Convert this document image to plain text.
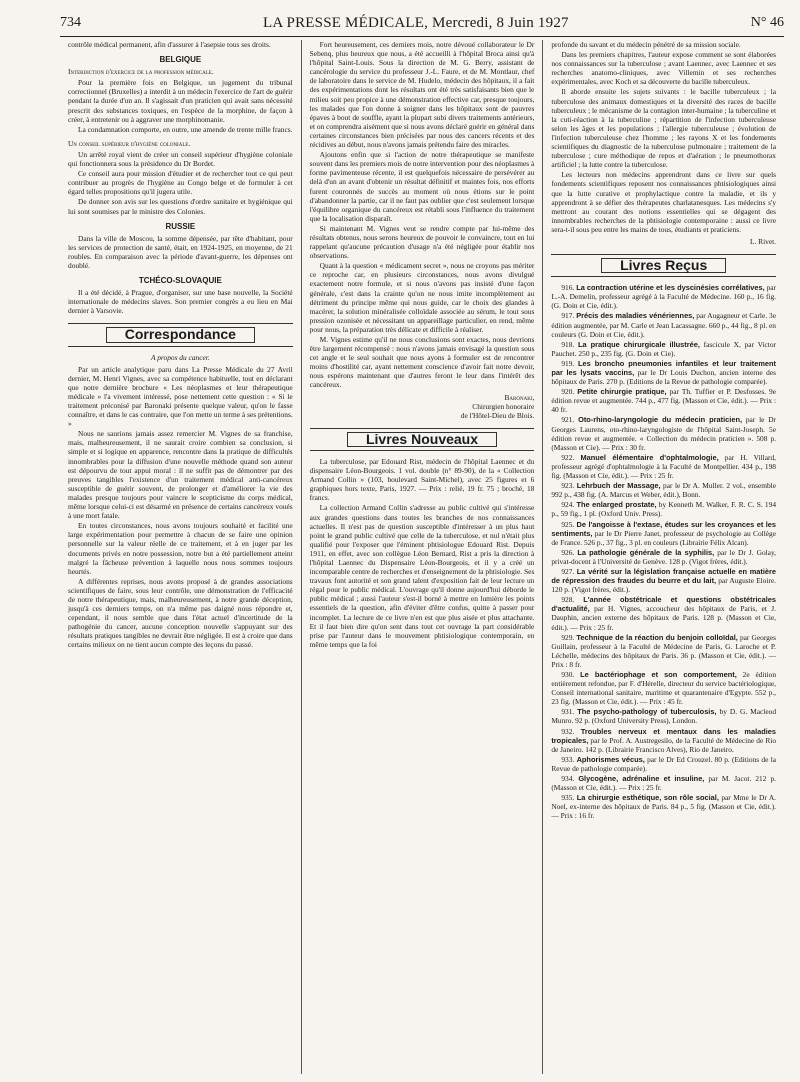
734	LA PRESSE MÉDICALE, Mercredi, 8 Juin 1927	N° 46

contrôle médical permanent, afin d'assurer à l'asepsie tous ses droits.

BELGIQUE
Interdiction d'exercice de la profession médicale.

Pour la première fois en Belgique, un jugement du tribunal correctionnel (Bruxelles) a interdit à un médecin l'exercice de l'art de guérir pendant la durée d'un an. Il s'agissait d'un praticien qui avait sans nécessité prescrit des substances toxiques, en l'espèce de la morphine, de façon à créer, à entretenir ou à aggraver une morphinomanie.

La condamnation comporte, en outre, une amende de trente mille francs.

Un conseil supérieur d'hygiène coloniale.

Un arrêté royal vient de créer un conseil supérieur d'hygiène coloniale qui fonctionnera sous la présidence du Dr Bordet.

Ce conseil aura pour mission d'étudier et de rechercher tout ce qui peut contribuer au progrès de l'hygiène au Congo belge et de formuler à cet égard telles propositions qu'il jugera utile.

De donner son avis sur les questions d'ordre sanitaire et hygiénique qui lui sont soumises par le ministre des Colonies.

RUSSIE

Dans la ville de Moscou, la somme dépensée, par tête d'habitant, pour les services de protection de santé, était, en 1924-1925, en moyenne, de 21 roubles. En comparaison avec la période d'avant-guerre, les dépenses ont doublé.

TCHÉCO-SLOVAQUIE

Il a été décidé, à Prague, d'organiser, sur une base nouvelle, la Société internationale de médecins slaves. Son premier congrès a eu lieu en Mai dernier à Varsovie.

Correspondance
A propos du cancer.

Par un article analytique paru dans La Presse Médicale du 27 Avril dernier, M. Henri Vignes, avec sa compétence habituelle, tout en déclarant que notre dernière brochure « Les néoplasmes et leur thérapeutique médicale » l'a vivement intéressé, pose nettement cette question : « Si le traitement préconisé par Baronaki présente quelque valeur, qu'on le fasse connaître, et dans le cas contraire, que l'on mette un terme à ses prétentions. »

Nous ne saurions jamais assez remercier M. Vignes de sa franchise, mais, malheureusement, il ne saurait croire combien sa conclusion, si simple et si logique en apparence, rencontre dans la pratique de difficultés innombrables pour la diffusion d'une nouvelle méthode quand son auteur est dépourvu de tout appui moral : il ne suffit pas de démontrer par des preuves tangibles l'existence d'un traitement médical anti-cancéreux susceptible de guérir souvent, de prolonger et d'améliorer la vie des malades presque toujours pour vaincre le scepticisme du corps médical, même lorsque celui-ci est désarmé en présence de certains cancéreux voués à une mort fatale.

En toutes circonstances, nous avons toujours souhaité et facilité une large expérimentation pour permettre à chacun de se faire une opinion personnelle sur la valeur réelle de ce traitement, et à en juger par les documents privés en notre possession, notre but a été partiellement atteint malgré la fâcheuse prévention à laquelle nous nous sommes toujours heurtés.

A différentes reprises, nous avons proposé à de grandes associations scientifiques de faire, sous leur contrôle, une démonstration de l'efficacité de notre thérapeutique, mais, malheureusement, à notre grande déception, jusqu'à ces derniers temps, on n'a même pas daigné nous répondre et, cependant, il nous semble que dans l'état actuel d'incertitude de la pathogénie du cancer, aucune conception nouvelle s'appuyant sur des résultats pratiques tangibles ne devrait être négligée. Il est à croire que dans certains milieux on ne tient aucun compte des leçons du passé.

Fort heureusement, ces derniers mois, notre dévoué collaborateur le Dr Sebenq, plus heureux que nous, a été accueilli à l'hôpital Broca ainsi qu'à l'hôpital Saint-Louis. Sous la direction de M. G. Berry, assistant de cancérologie du service du professeur J.-L. Faure, et de M. Montlaur, chef de laboratoire dans le service de M. Hudelo, médecin des hôpitaux, il a fait des expérimentations dont les résultats ont été très satisfaisants bien que le milieu soit peu propice à une démonstration effective car, presque toujours, les malades que l'on donne à soigner dans les hôpitaux sont de pauvres épaves à bout de souffle, ayant la plupart subi divers traitements antérieurs, et on comprendra aisément que si nous avons déclaré guérir en général dans certaines circonstances bien précisées par nous des cancers récents et des récidives au début, nous n'avons jamais prétendu faire des miracles.

Ajoutons enfin que si l'action de notre thérapeutique se manifeste souvent dans les premiers mois de notre intervention pour des néoplasmes à forme pavimenteuse récente, il est quelquefois nécessaire de persévérer au delà d'un an avant d'obtenir un résultat définitif et maintes fois, nos efforts furent couronnés de succès au moment où nous étions sur le point d'abandonner la partie, car il ne faut pas oublier que c'est seulement lorsque l'équilibre organique du cancéreux est rétabli sous l'influence du traitement que la localisation disparaît.

Si maintenant M. Vignes veut se rendre compte par lui-même des résultats obtenus, nous serons heureux de pouvoir le convaincre, tout en lui rappelant qu'aucune précaution d'usage n'a été négligée pour établir nos observations.

Quant à la question « médicament secret », nous ne croyons pas mériter ce reproche car, en plusieurs circonstances, nous avons divulgué exactement notre formule, et si nous n'avons pas insisté d'une façon générale, c'est dans la crainte qu'on ne nous imite incomplètement au détriment du principe même qui nous guide, car le choix des glandes à macérer, la solution minéralisée colloïdale associée au sérum, le tout sous pression ozonisée et nécessitant un appareillage particulier, en rend, même pour nous, la préparation très délicate et difficile à réaliser.

M. Vignes estime qu'il ne nous conclusions sont exactes, nous devrions être largement récompensé : nous n'avons jamais envisagé la question sous cet angle et le seul souhait que nous ayons à formuler est de rencontrer moins d'hostilité car, ayant nettement conscience d'avoir fait notre devoir, nous espérons maintenant que d'autres feront le leur dans l'intérêt des cancéreux.

Baronaki,
Chirurgien honoraire
de l'Hôtel-Dieu de Blois.
Livres Nouveaux

La tuberculose, par Edouard Rist, médecin de l'hôpital Laennec et du dispensaire Léon-Bourgeois. 1 vol. double (n° 89-90), de la « Collection Armand Collin » (103, boulevard Saint-Michel), avec 25 figures et 6 graphiques hors texte, Paris, 1927. — Prix : relié, 19 fr. 75 ; broché, 18 francs.

La collection Armand Collin s'adresse au public cultivé qui s'intéresse aux grandes questions dans toutes les branches de nos connaissances actuelles. Il n'est pas de question susceptible d'intéresser à un plus haut point le grand public cultivé que celle de la tuberculose, et nul n'était plus qualifié pour l'exposer que l'éminent phtisiologue Edouard Rist. Depuis 1911, en effet, avec son collègue Léon Bernard, Rist a pris la direction à l'hôpital Laennec du Dispensaire Léon-Bourgeois, et il y a créé un incomparable centre de recherches et d'enseignement de la phtisiologie. Ses travaux font autorité et son grand talent d'exposition fait de leur lecture un régal pour le public médical. L'ouvrage qu'il donne aujourd'hui déborde le public médical ; aussi l'auteur s'est-il borné à mettre en lumière les points essentiels de la question, afin d'éviter d'être confus, quitte à passer pour incomplet. La lecture de ce livre n'en est que plus aisée et plus attachante. Et il faut bien dire qu'on sent dans tout cet ouvrage la part considérable prise par l'auteur dans le mouvement phtisiologique contemporain, en même temps que la foi

profonde du savant et du médecin pénétré de sa mission sociale.

Dans les premiers chapitres, l'auteur expose comment se sont élaborées nos connaissances sur la tuberculose ; avant Laennec, avec Laennec et ses recherches anatomo-cliniques, avec Villemin et ses recherches expérimentales, avec Koch et sa découverte du bacille tuberculeux.

Il aborde ensuite les sujets suivants : le bacille tuberculeux ; la tuberculose des animaux domestiques et la diversité des races de bacille tuberculeux ; le mécanisme de la contagion inter-humaine ; la tuberculine et la cuti-réaction à la tuberculine ; répartition de l'infection tuberculeuse selon les âges et les populations ; l'allergie tuberculeuse ; évolution de l'infection tuberculeuse chez l'homme ; les rayons X et les fondements scientifiques du diagnostic de la tuberculose pulmonaire ; traitement de la tuberculose ; cure méthodique de repos et d'aération ; le pneumothorax artificiel ; la lutte contre la tuberculose.

Les lecteurs non médecins apprendront dans ce livre sur quels fondements scientifiques reposent nos connaissances phtisiologiques ainsi que la lutte curative et prophylactique contre la maladie, et ils y apprendront à se défier des thérapeutes charlatanesques. Les médecins s'y mettront au courant des notions essentielles qui se dégagent des innombrables recherches de la phtisiologie contemporaine : aussi ce livre sera-t-il sous peu entre les mains de tous, étudiants et praticiens.

L. Rivet.
Livres Reçus

916. La contraction utérine et les dyscinésies corrélatives, par L.-A. Demelin, professeur agrégé à la Faculté de Médecine. 160 p., 16 fig. (G. Doin et Cie, édit.).

917. Précis des maladies vénériennes, par Augagneur et Carle. 3e édition augmentée, par M. Carle et Jean Lacassagne. 660 p., 44 fig., 8 pl. en couleurs (G. Doin et Cie, édit.).

918. La pratique chirurgicale illustrée, fascicule X, par Victor Pauchet. 250 p., 235 fig. (G. Doin et Cie).

919. Les broncho pneumonies infantiles et leur traitement par les lysats vaccins, par le Dr Louis Duchon, ancien interne des hôpitaux de Paris. 270 p. (Editions de la Revue de pathologie comparée).

920. Petite chirurgie pratique, par Th. Tuffier et P. Desfosses. 9e édition revue et augmentée. 744 p., 477 fig. (Masson et Cie, édit.). — Prix : 40 fr.

921. Oto-rhino-laryngologie du médecin praticien, par le Dr Georges Laurens, oto-rhino-laryngologiste de l'hôpital Saint-Joseph. 5e édition revue et augmentée. « Collection du médecin praticien ». 508 p. (Masson et Cie). — Prix : 30 fr.

922. Manuel élémentaire d'ophtalmologie, par H. Villard, professeur agrégé d'ophtalmologie à la Faculté de Montpellier. 434 p., 198 fig. (Masson et Cie, édit.). — Prix : 25 fr.

923. Lehrbuch der Massage, par le Dr A. Muller. 2 vol., ensemble 992 p., 438 fig. (A. Marcus et Weber, édit.), Bonn.

924. The enlarged prostate, by Kenneth M. Walker, F. R. C. S. 194 p., 59 fig., 1 pl. (Oxford Univ. Press).

925. De l'angoisse à l'extase, études sur les croyances et les sentiments, par le Dr Pierre Janet, professeur de psychologie au Collège de France. 526 p., 37 fig., 3 pl. en couleurs (Librairie Félix Alcan).

926. La pathologie générale de la syphilis, par le Dr J. Golay, privat-docent à l'Université de Genève. 128 p. (Vigot frères, édit.).

927. La vérité sur la législation française actuelle en matière de répression des fraudes du beurre et du lait, par Auguste Eloire. 120 p. (Vigot frères, édit.).

928. L'année obstétricale et questions obstétricales d'actualité, par H. Vignes, accoucheur des hôpitaux de Paris, et J. Dauphin, ancien externe des hôpitaux de Paris. 128 p. (Masson et Cie, édit.). — Prix : 25 fr.

929. Technique de la réaction du benjoin colloïdal, par Georges Guillain, professeur à la Faculté de Médecine de Paris, G. Laroche et P. Léchelle, médecins des hôpitaux de Paris. 36 p. (Masson et Cie, édit.). — Prix : 8 fr.

930. Le bactériophage et son comportement, 2e édition entièrement refondue, par F. d'Hérelle, directeur du service bactériologique, Conseil international sanitaire, maritime et quarantenaire d'Egypte. 552 p., 23 fig. (Masson et Cie, édit.). — Prix : 45 fr.

931. The psycho-pathology of tuberculosis, by D. G. Macleod Munro. 92 p. (Oxford University Press), London.

932. Troubles nerveux et mentaux dans les maladies tropicales, par le Prof. A. Austregesilo, de la Faculté de Médecine de Rio de Janeiro. 142 p. (Librairie Francisco Alves), Rio de Janeiro.

933. Aphorismes vécus, par le Dr Ed Crouzel. 80 p. (Editions de la Revue de pathologie comparée).

934. Glycogène, adrénaline et insuline, par M. Jacot. 212 p. (Masson et Cie, édit.). — Prix : 25 fr.

935. La chirurgie esthétique, son rôle social, par Mme le Dr A. Noel, ex-interne des hôpitaux de Paris. 84 p., 5 fig. (Masson et Cie, édit.). — Prix : 16 fr.
